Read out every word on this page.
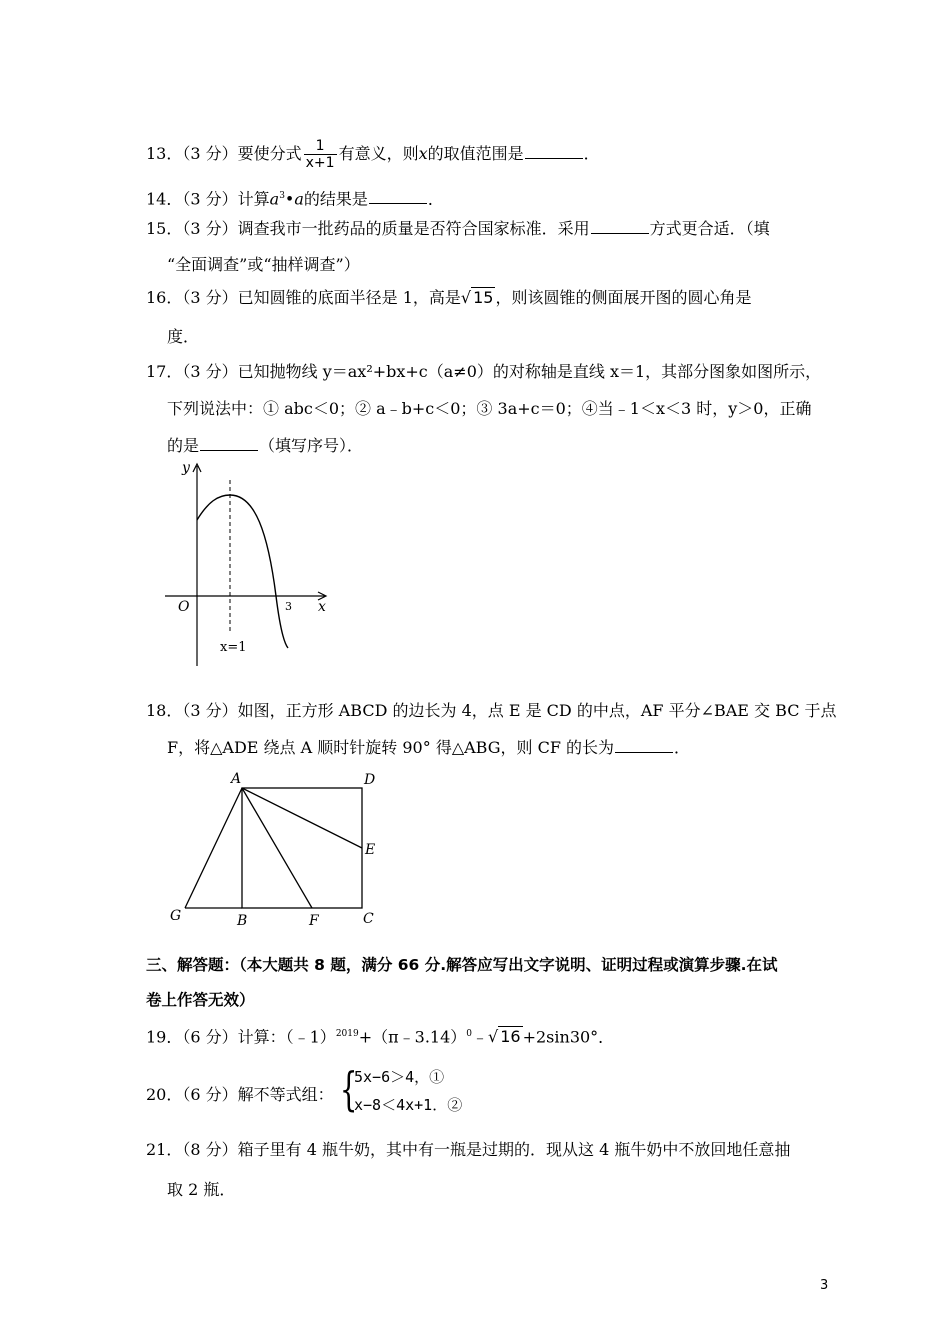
13．（3 分）要使分式 $\frac{1}{x+1}$ 有意义，则x的取值范围是	．
14．（3 分）计算$a^3•a$的结果是	．
15．（3 分）调查我市一批药品的质量是否符合国家标准．采用	方式更合适．（填
“全面调查”或“抽样调查”）
16．（3 分）已知圆锥的底面半径是 1，高是√ 15 ，则该圆锥的侧面展开图的圆心角是
度．
17．（3 分）已知抛物线 y＝ax²+bx+c（a≠0）的对称轴是直线 x＝1，其部分图象如图所示，
下列说法中：① abc＜0；② a﹣b+c＜0；③ 3a+c＝0；④当﹣1＜x＜3 时，y＞0，正确
的是	（填写序号）．
y
x
O	3
x=1
18．（3 分）如图，正方形 ABCD 的边长为 4，点 E 是 CD 的中点，AF 平分∠BAE 交 BC 于点
F，将△ADE 绕点 A 顺时针旋转 90° 得△ABG，则 CF 的长为	．
A	D
E
G	B	F	C
三、解答题：（本大题共 8 题，满分 66 分.解答应写出文字说明、证明过程或演算步骤.在试
卷上作答无效）
19．（6 分）计算：（﹣1）$^{2019}$+（π﹣3.14）$^0$﹣√ 16 +2sin30°．
20．（6 分）解不等式组： {
5x−6＞4，①
x−8＜4x+1．②
21．（8 分）箱子里有 4 瓶牛奶，其中有一瓶是过期的．现从这 4 瓶牛奶中不放回地任意抽
取 2 瓶．
3
